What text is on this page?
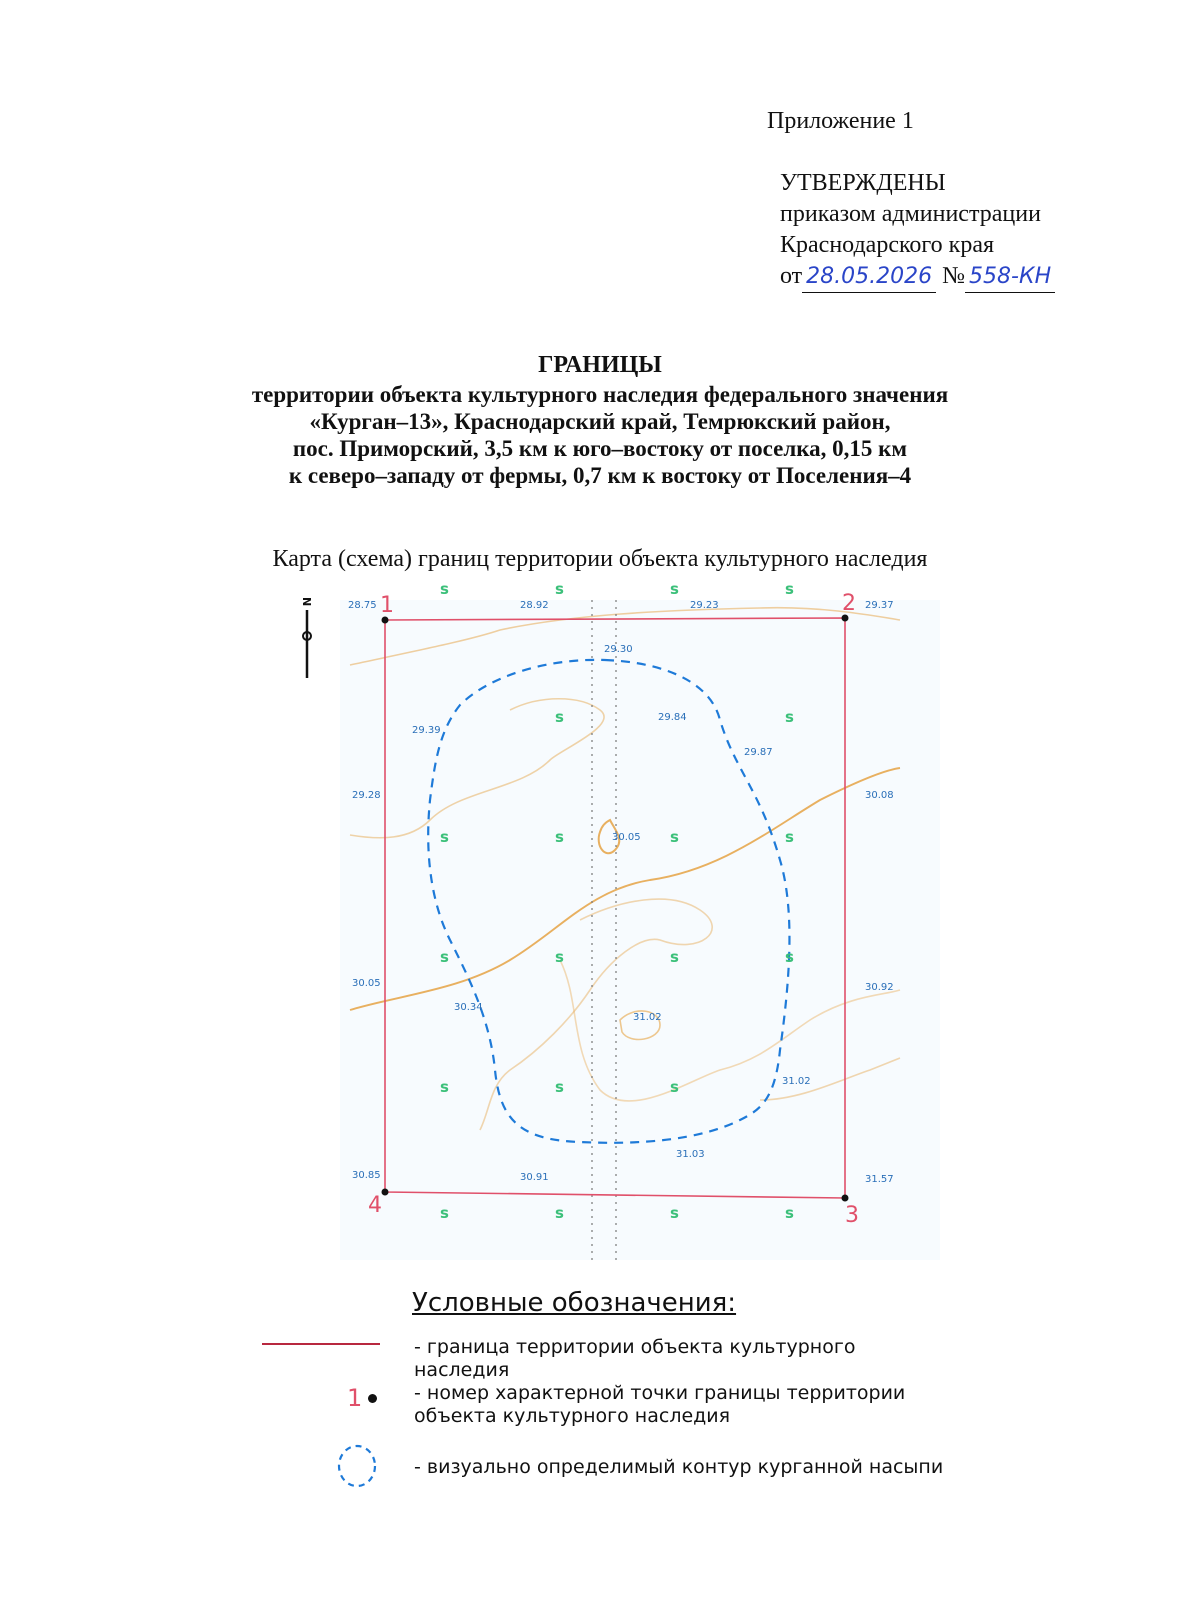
Приложение 1
УТВЕРЖДЕНЫ
приказом администрации
Краснодарского края
от 28.05.2026 № 558-КН
ГРАНИЦЫ
территории объекта культурного наследия федерального значения
«Курган–13», Краснодарский край, Темрюкский район,
пос. Приморский, 3,5 км к юго–востоку от поселка, 0,15 км
к северо–западу от фермы, 0,7 км к востоку от Поселения–4
Карта (схема) границ территории объекта культурного наследия
1	2
3
4
ѕ	ѕ	ѕ	ѕ
ѕ	ѕ
ѕ	ѕ	ѕ	ѕ
ѕ	ѕ	ѕ	ѕ
ѕ	ѕ	ѕ
ѕ	ѕ	ѕ	ѕ
28.75	28.92	29.23	29.37
29.30
29.39
29.84
29.87
29.28	30.08
30.05
30.05
30.34
31.02
30.92
31.02
31.03
30.85	30.91	31.57
N
Условные обозначения:
- граница территории объекта культурного
наследия
1	- номер характерной точки границы территории
объекта культурного наследия
- визуально определимый контур курганной насыпи
